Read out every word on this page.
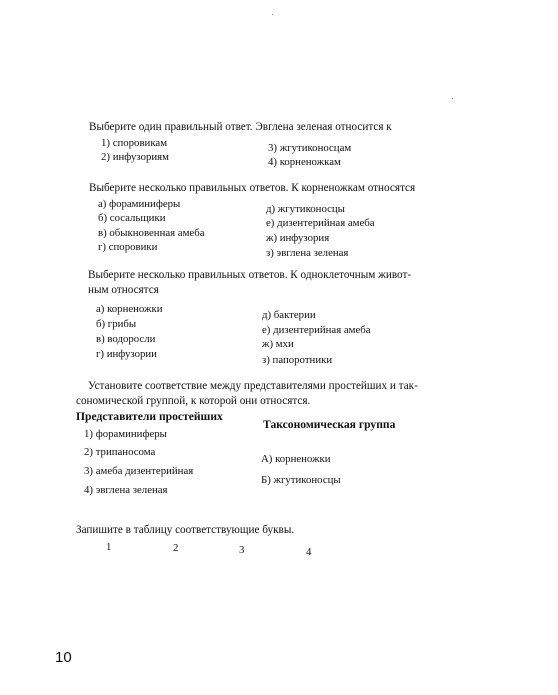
Выберите один правильный ответ. Эвглена зеленая относится к
1) споровикам
2) инфузориям
3) жгутиконосцам
4) корненожкам
Выберите несколько правильных ответов. К корненожкам относятся
а) фораминиферы
б) сосальщики
в) обыкновенная амеба
г) споровики
д) жгутиконосцы
е) дизентерийная амеба
ж) инфузория
з) эвглена зеленая
Выберите несколько правильных ответов. К одноклеточным живот-
ным относятся
а) корненожки
б) грибы
в) водоросли
г) инфузории
д) бактерии
е) дизентерийная амеба
ж) мхи
з) папоротники
Установите соответствие между представителями простейших и так-
сономической группой, к которой они относятся.
Представители простейших
Таксономическая группа
1) фораминиферы
2) трипаносома
3) амеба дизентерийная
4) эвглена зеленая
А) корненожки
Б) жгутиконосцы
Запишите в таблицу соответствующие буквы.
1	2	3	4
10
